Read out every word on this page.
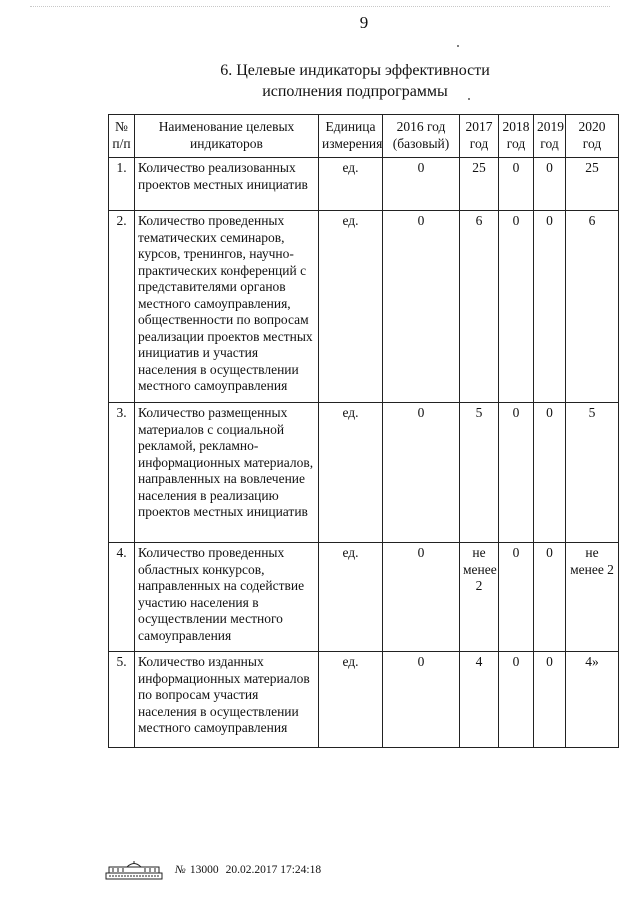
9
6. Целевые индикаторы эффективности
исполнения подпрограммы
№ п/п	Наименование целевых индикаторов	Единица измерения	2016 год (базовый)	2017 год	2018 год	2019 год	2020 год
1.	Количество реализованных проектов местных инициатив	ед.	0	25	0	0	25
2.	Количество проведенных тематических семинаров, курсов, тренингов, научно-практических конференций с представителями органов местного самоуправления, общественности по вопросам реализации проектов местных инициатив и участия населения в осуществлении местного самоуправления	ед.	0	6	0	0	6
3.	Количество размещенных материалов с социальной рекламой, рекламно-информационных материалов, направленных на вовлечение населения в реализацию проектов местных инициатив	ед.	0	5	0	0	5
4.	Количество проведенных областных конкурсов, направленных на содействие участию населения в осуществлении местного самоуправления	ед.	0	не менее 2	0	0	не менее 2
5.	Количество изданных информационных материалов по вопросам участия населения в осуществлении местного самоуправления	ед.	0	4	0	0	4»
№ 13000 20.02.2017 17:24:18
